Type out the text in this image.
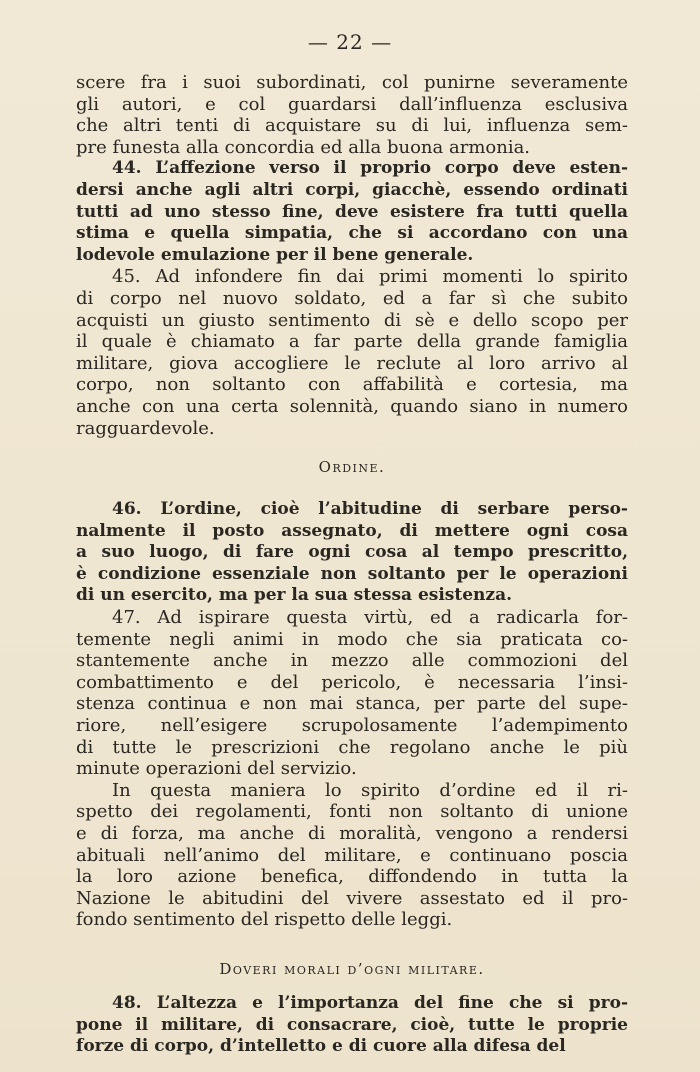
— 22 —
scere fra i suoi subordinati, col punirne severamente
gli autori, e col guardarsi dall’influenza esclusiva
che altri tenti di acquistare su di lui, influenza sem-
pre funesta alla concordia ed alla buona armonia.
44. L’affezione verso il proprio corpo deve esten-
dersi anche agli altri corpi, giacchè, essendo ordinati
tutti ad uno stesso fine, deve esistere fra tutti quella
stima e quella simpatia, che si accordano con una
lodevole emulazione per il bene generale.
45. Ad infondere fin dai primi momenti lo spirito
di corpo nel nuovo soldato, ed a far sì che subito
acquisti un giusto sentimento di sè e dello scopo per
il quale è chiamato a far parte della grande famiglia
militare, giova accogliere le reclute al loro arrivo al
corpo, non soltanto con affabilità e cortesia, ma
anche con una certa solennità, quando siano in numero
ragguardevole.
Ordine.
46. L’ordine, cioè l’abitudine di serbare perso-
nalmente il posto assegnato, di mettere ogni cosa
a suo luogo, di fare ogni cosa al tempo prescritto,
è condizione essenziale non soltanto per le operazioni
di un esercito, ma per la sua stessa esistenza.
47. Ad ispirare questa virtù, ed a radicarla for-
temente negli animi in modo che sia praticata co-
stantemente anche in mezzo alle commozioni del
combattimento e del pericolo, è necessaria l’insi-
stenza continua e non mai stanca, per parte del supe-
riore, nell’esigere scrupolosamente l’adempimento
di tutte le prescrizioni che regolano anche le più
minute operazioni del servizio.
In questa maniera lo spirito d’ordine ed il ri-
spetto dei regolamenti, fonti non soltanto di unione
e di forza, ma anche di moralità, vengono a rendersi
abituali nell’animo del militare, e continuano poscia
la loro azione benefica, diffondendo in tutta la
Nazione le abitudini del vivere assestato ed il pro-
fondo sentimento del rispetto delle leggi.
Doveri morali d’ogni militare.
48. L’altezza e l’importanza del fine che si pro-
pone il militare, di consacrare, cioè, tutte le proprie
forze di corpo, d’intelletto e di cuore alla difesa del
